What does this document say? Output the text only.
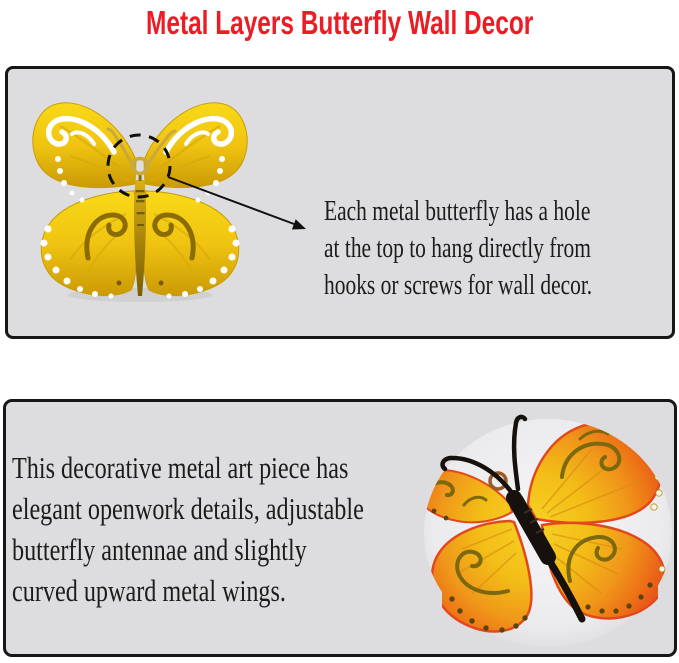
Metal Layers Butterfly Wall Decor
Each metal butterfly has a hole
at the top to hang directly from
hooks or screws for wall decor.
This decorative metal art piece has
elegant openwork details, adjustable
butterfly antennae and slightly
curved upward metal wings.
